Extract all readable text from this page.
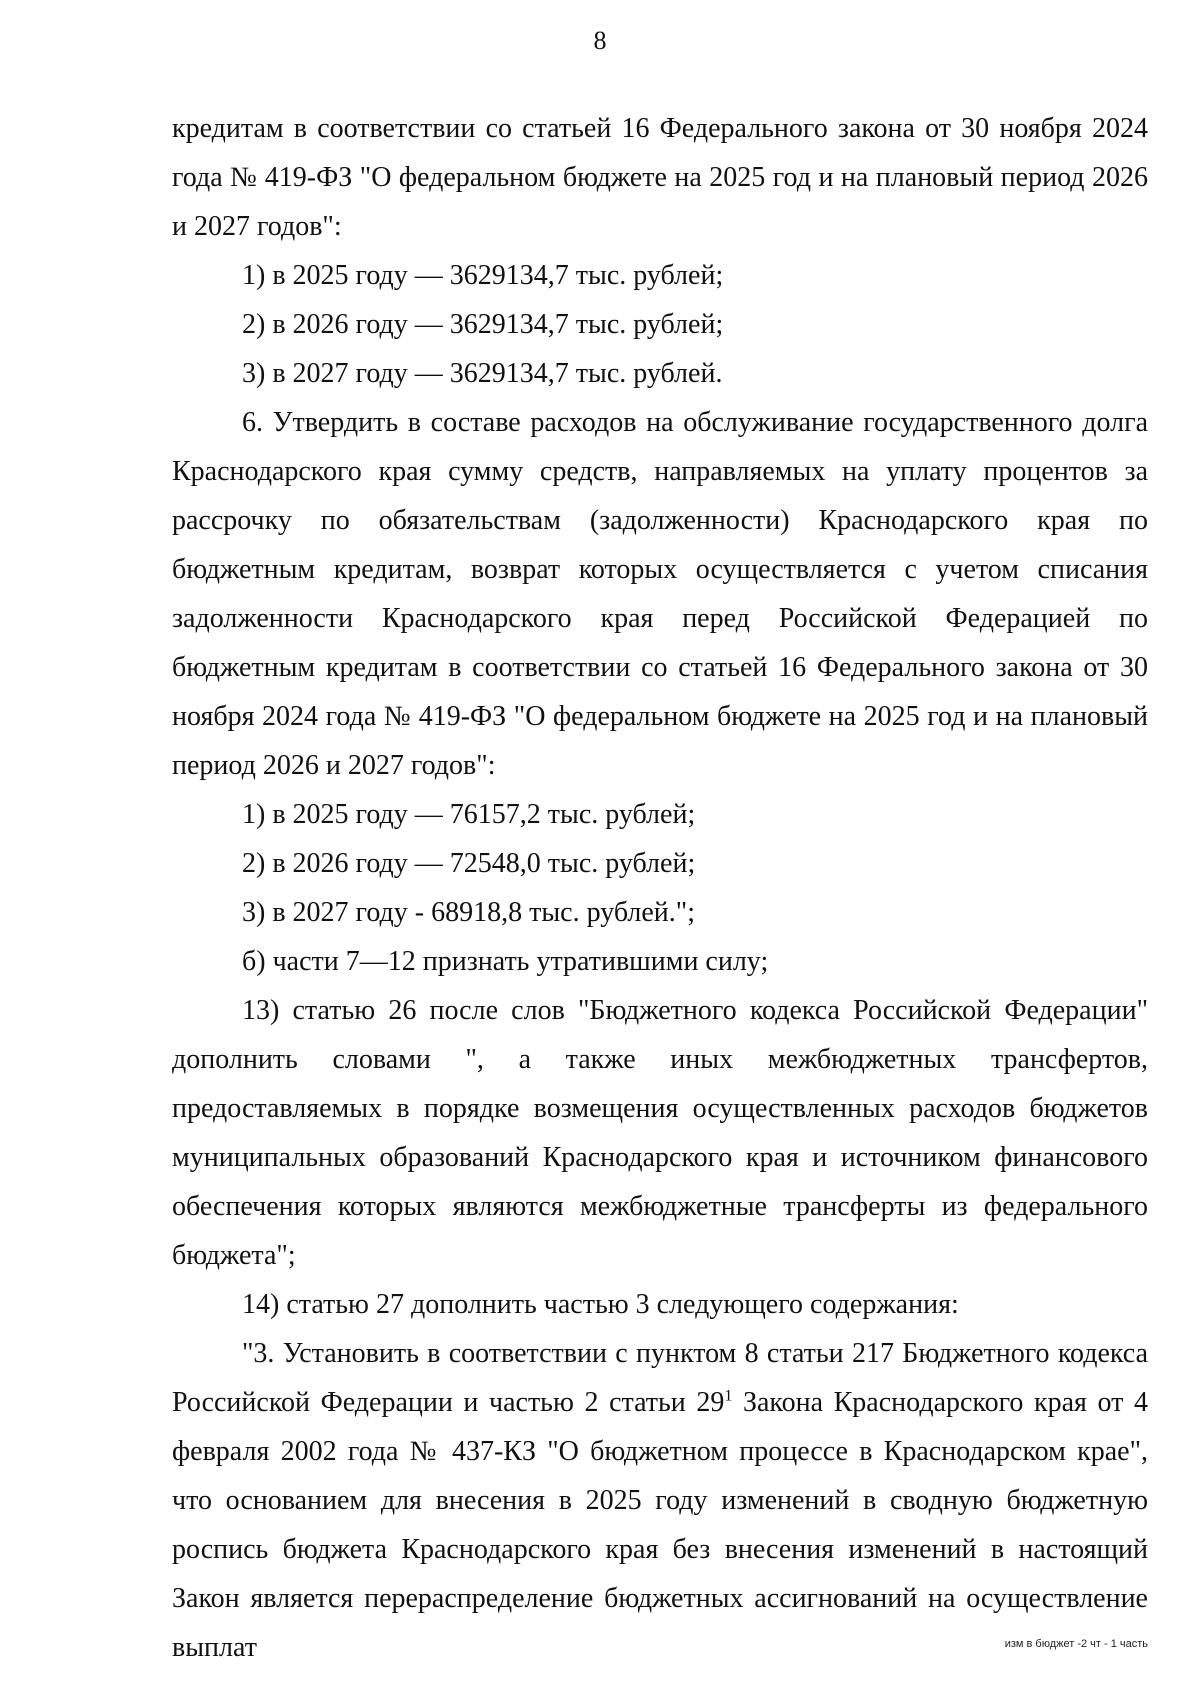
8

кредитам в соответствии со статьей 16 Федерального закона от 30 ноября 2024 года № 419-ФЗ "О федеральном бюджете на 2025 год и на плановый период 2026 и 2027 годов":

1) в 2025 году — 3629134,7 тыс. рублей;

2) в 2026 году — 3629134,7 тыс. рублей;

3) в 2027 году — 3629134,7 тыс. рублей.

6. Утвердить в составе расходов на обслуживание государственного долга Краснодарского края сумму средств, направляемых на уплату процентов за рассрочку по обязательствам (задолженности) Краснодарского края по бюджетным кредитам, возврат которых осуществляется с учетом списания задолженности Краснодарского края перед Российской Федерацией по бюджетным кредитам в соответствии со статьей 16 Федерального закона от 30 ноября 2024 года № 419-ФЗ "О федеральном бюджете на 2025 год и на плановый период 2026 и 2027 годов":

1) в 2025 году — 76157,2 тыс. рублей;

2) в 2026 году — 72548,0 тыс. рублей;

3) в 2027 году - 68918,8 тыс. рублей.";

б) части 7—12 признать утратившими силу;

13) статью 26 после слов "Бюджетного кодекса Российской Федерации" дополнить словами ", а также иных межбюджетных трансфертов, предоставляемых в порядке возмещения осуществленных расходов бюджетов муниципальных образований Краснодарского края и источником финансового обеспечения которых являются межбюджетные трансферты из федерального бюджета";

14) статью 27 дополнить частью 3 следующего содержания:

"3. Установить в соответствии с пунктом 8 статьи 217 Бюджетного кодекса Российской Федерации и частью 2 статьи $29^1$ Закона Краснодарского края от 4 февраля 2002 года № 437-КЗ "О бюджетном процессе в Краснодарском крае", что основанием для внесения в 2025 году изменений в сводную бюджетную роспись бюджета Краснодарского края без внесения изменений в настоящий Закон является перераспределение бюджетных ассигнований на осуществление выплат	изм в бюджет -2 чт - 1 часть
